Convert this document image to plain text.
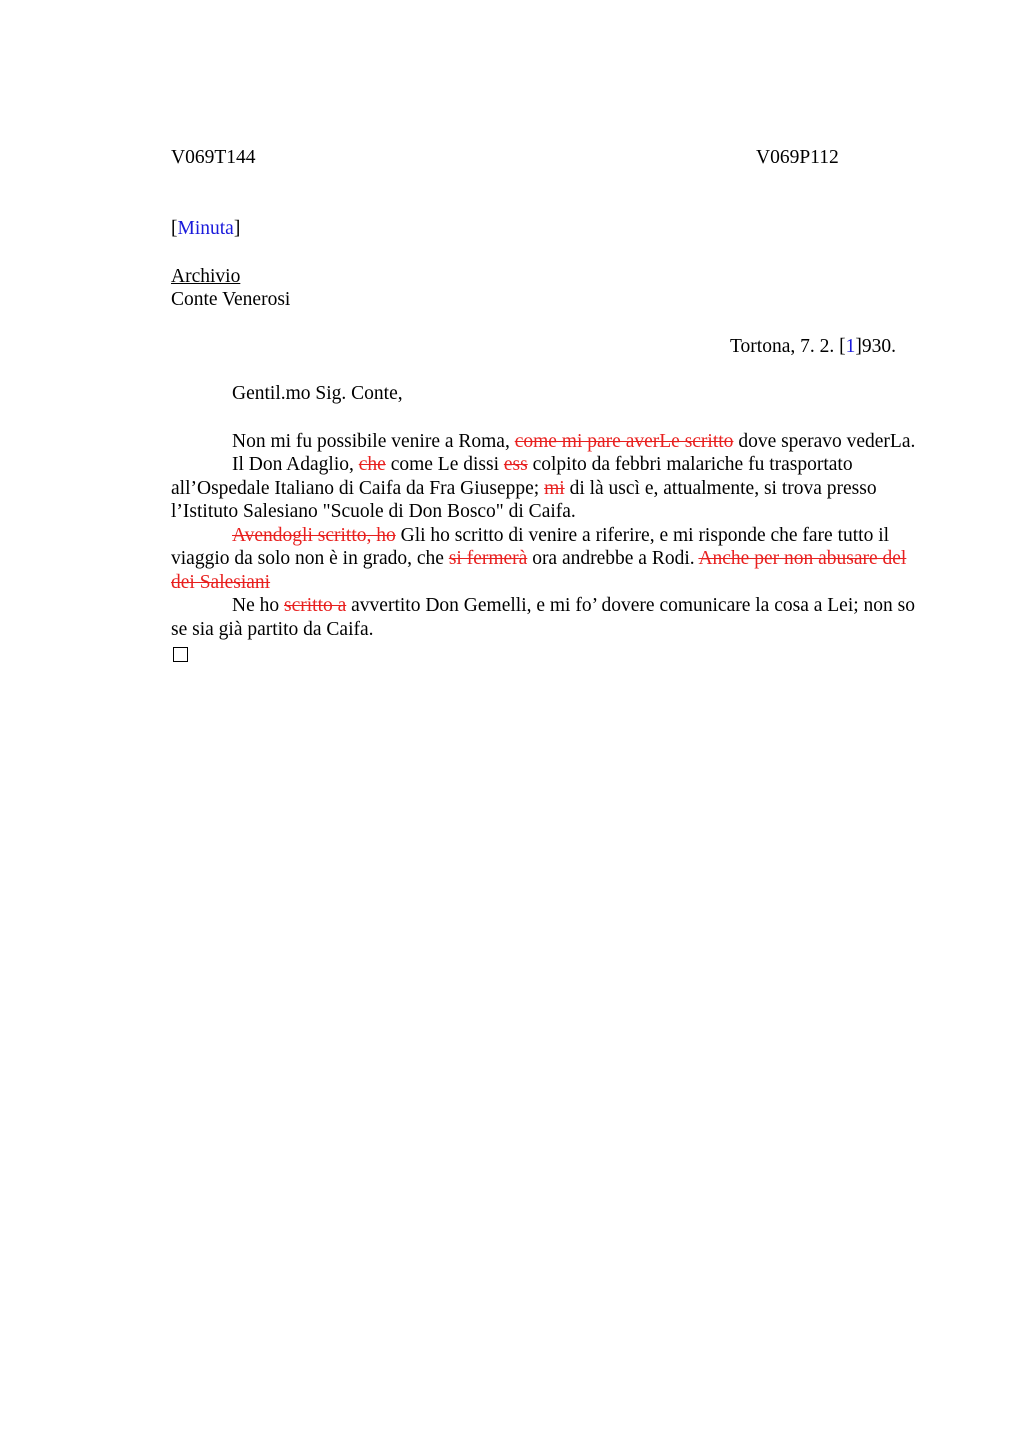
V069T144	V069P112
[Minuta]
Archivio
Conte Venerosi
Tortona, 7. 2. [1]930.
Gentil.mo Sig. Conte,

Non mi fu possibile venire a Roma, come mi pare averLe scritto dove speravo vederLa.

Il Don Adaglio, che come Le dissi ess colpito da febbri malariche fu trasportato all’Ospedale Italiano di Caifa da Fra Giuseppe; mi di là uscì e, attualmente, si trova presso l’Istituto Salesiano "Scuole di Don Bosco" di Caifa.

Avendogli scritto, ho Gli ho scritto di venire a riferire, e mi risponde che fare tutto il viaggio da solo non è in grado, che si fermerà ora andrebbe a Rodi. Anche per non abusare del dei Salesiani

Ne ho scritto a avvertito Don Gemelli, e mi fo’ dovere comunicare la cosa a Lei; non so se sia già partito da Caifa.
